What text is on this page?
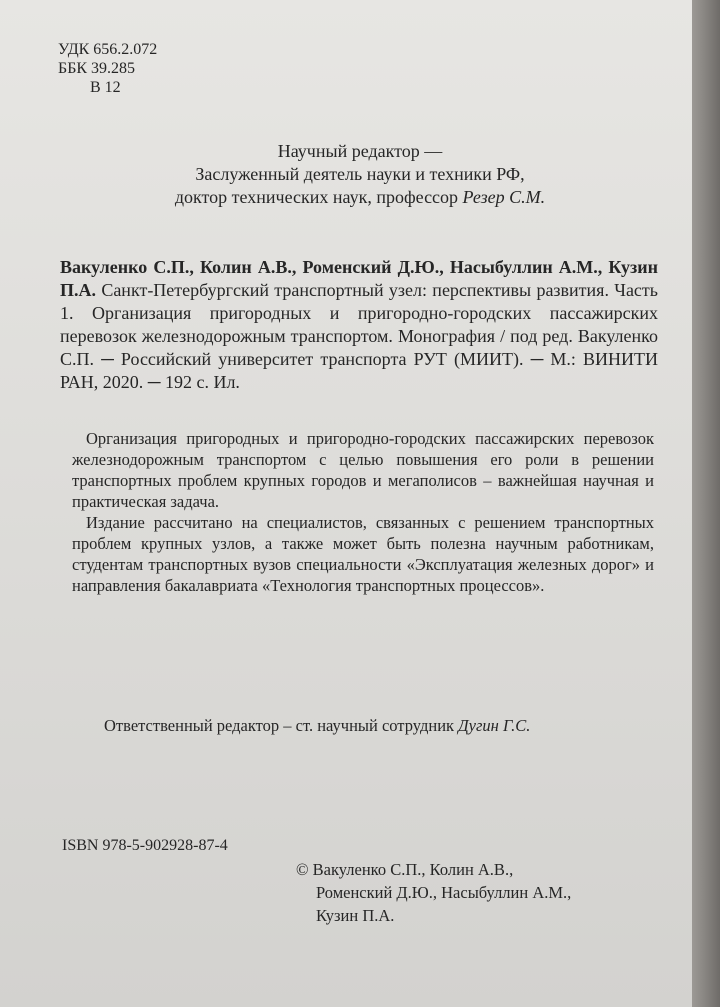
УДК 656.2.072
ББК 39.285
В 12
Научный редактор —
Заслуженный деятель науки и техники РФ,
доктор технических наук, профессор Резер С.М.
Вакуленко С.П., Колин А.В., Роменский Д.Ю., Насыбуллин А.М., Кузин П.А. Санкт-Петербургский транспортный узел: перспективы развития. Часть 1. Организация пригородных и пригородно-городских пассажирских перевозок железнодорожным транспортом. Монография / под ред. Вакуленко С.П. ─ Российский университет транспорта РУТ (МИИТ). ─ М.: ВИНИТИ РАН, 2020. ─ 192 с. Ил.

Организация пригородных и пригородно-городских пассажирских перевозок железнодорожным транспортом с целью повышения его роли в решении транспортных проблем крупных городов и мегаполисов – важнейшая научная и практическая задача.

Издание рассчитано на специалистов, связанных с решением транспортных проблем крупных узлов, а также может быть полезна научным работникам, студентам транспортных вузов специальности «Эксплуатация железных дорог» и направления бакалавриата «Технология транспортных процессов».

Ответственный редактор – ст. научный сотрудник Дугин Г.С.
ISBN 978-5-902928-87-4
© Вакуленко С.П., Колин А.В.,
Роменский Д.Ю., Насыбуллин А.М.,
Кузин П.А.
